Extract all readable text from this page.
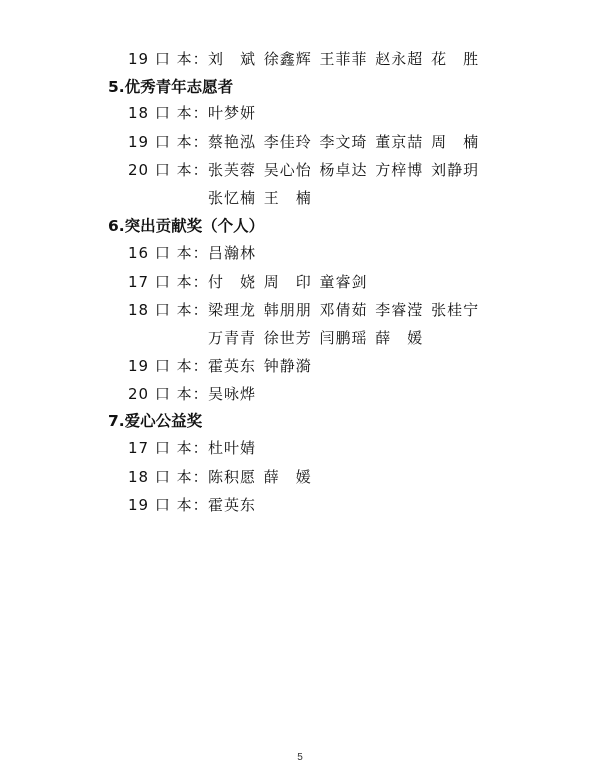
19 口 本： 刘　斌 徐鑫辉 王菲菲 赵永超 花　胜
5.优秀青年志愿者
18 口 本： 叶梦妍
19 口 本： 蔡艳泓 李佳玲 李文琦 董京喆 周　楠
20 口 本： 张芙蓉 吴心怡 杨卓达 方梓博 刘静玥
张忆楠 王　楠
6.突出贡献奖（个人）
16 口 本： 吕瀚林
17 口 本： 付　娆 周　印 童睿剑
18 口 本： 梁理龙 韩朋朋 邓倩茹 李睿滢 张桂宁
万青青 徐世芳 闫鹏瑶 薛　媛
19 口 本： 霍英东 钟静漪
20 口 本： 吴咏烨
7.爱心公益奖
17 口 本： 杜叶婧
18 口 本： 陈积愿 薛　媛
19 口 本： 霍英东
5
